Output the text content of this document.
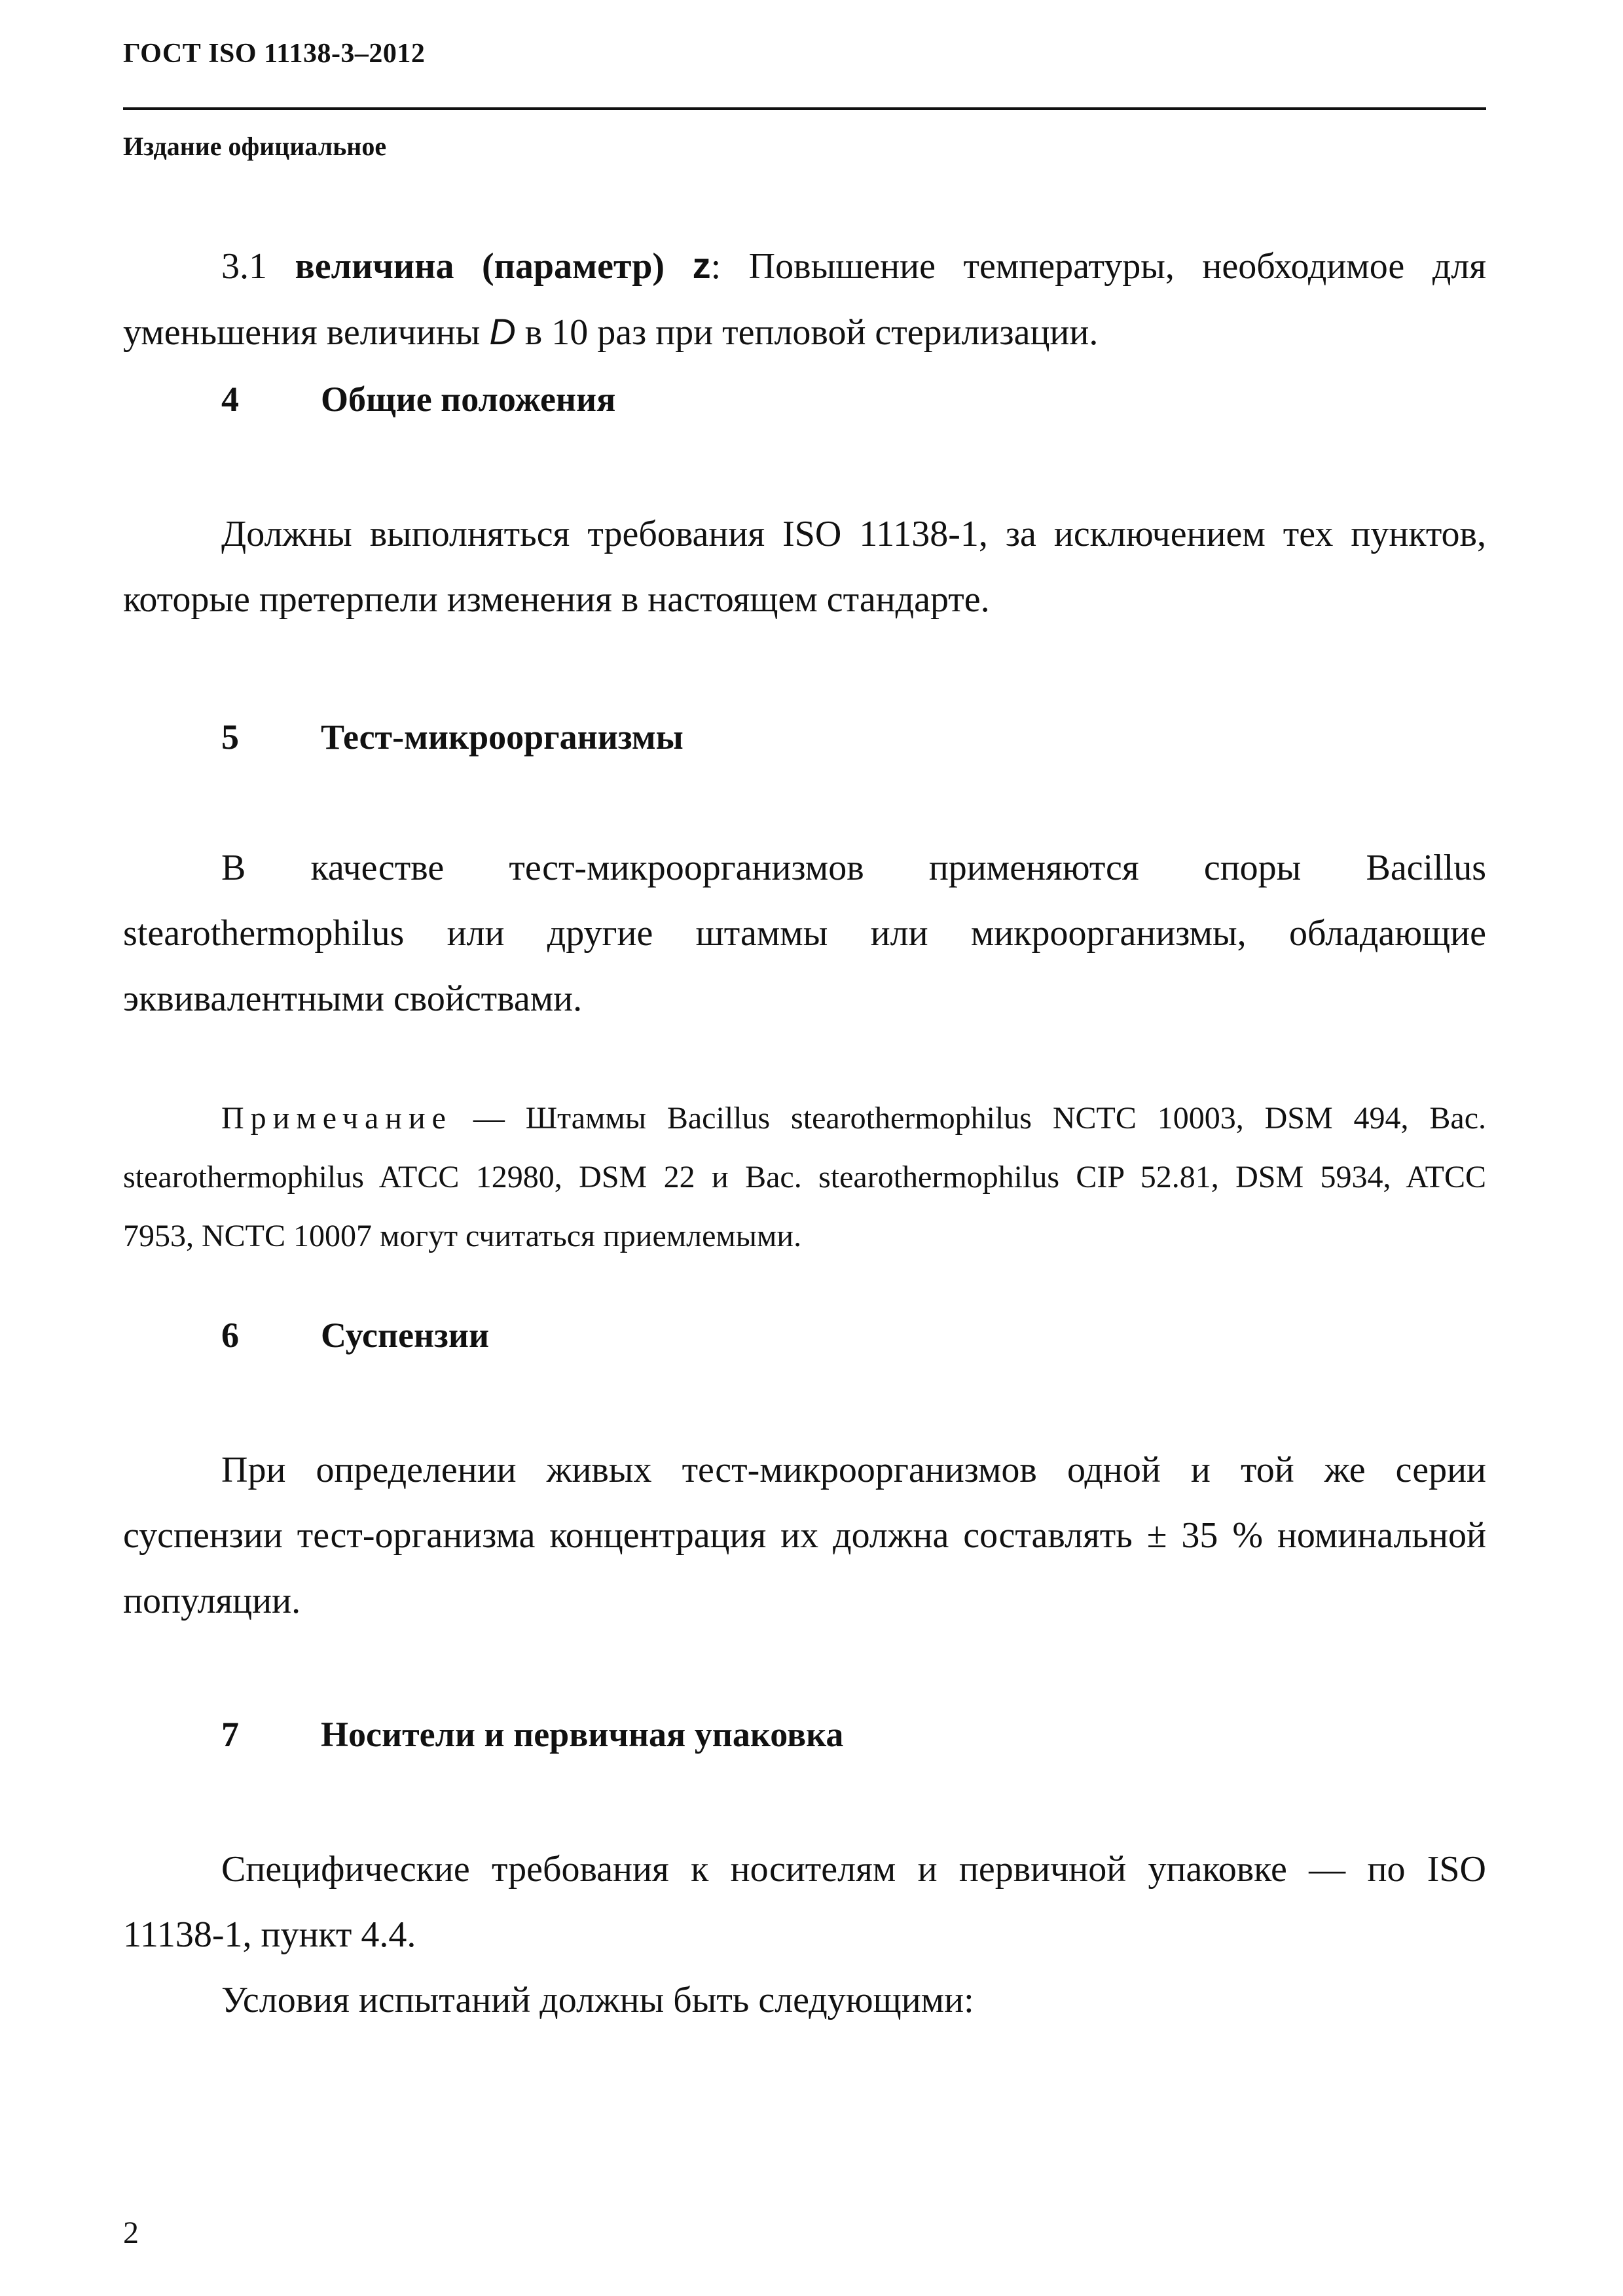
ГОСТ ISO 11138-3–2012
Издание официальное
3.1 величина (параметр) z: Повышение температуры, необходимое для
уменьшения величины D в 10 раз при тепловой стерилизации.
4 Общие положения
Должны выполняться требования ISO 11138-1, за исключением тех пунктов,
которые претерпели изменения в настоящем стандарте.
5 Тест-микроорганизмы
В качестве тест-микроорганизмов применяются споры Bacillus
stearothermophilus или другие штаммы или микроорганизмы, обладающие
эквивалентными свойствами.
Примечание — Штаммы Bacillus stearothermophilus NCTC 10003, DSM 494, Bac.
stearothermophilus ATCC 12980, DSM 22 и Bac. stearothermophilus CIP 52.81, DSM 5934, ATCC
7953, NCTC 10007 могут считаться приемлемыми.
6 Суспензии
При определении живых тест-микроорганизмов одной и той же серии
суспензии тест-организма концентрация их должна составлять ± 35 % номинальной
популяции.
7 Носители и первичная упаковка
Специфические требования к носителям и первичной упаковке — по ISO
11138-1, пункт 4.4.
Условия испытаний должны быть следующими:
2
